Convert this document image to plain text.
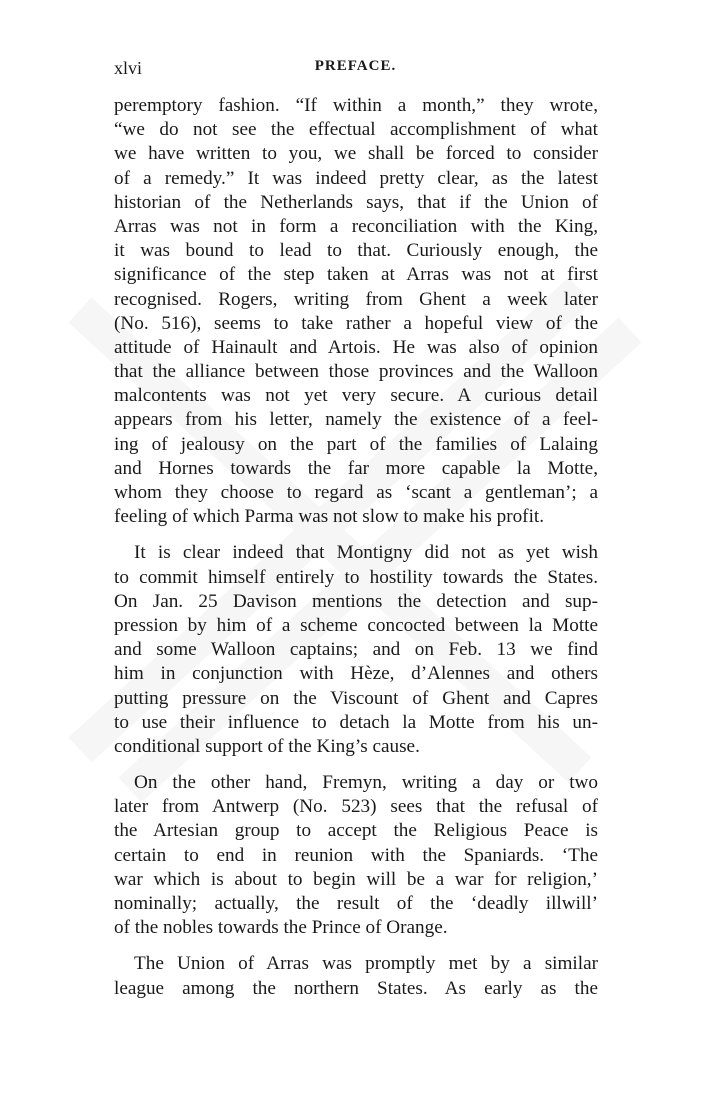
xlvi	PREFACE.
peremptory fashion. “If within a month,” they wrote,
“we do not see the effectual accomplishment of what
we have written to you, we shall be forced to consider
of a remedy.” It was indeed pretty clear, as the latest
historian of the Netherlands says, that if the Union of
Arras was not in form a reconciliation with the King,
it was bound to lead to that. Curiously enough, the
significance of the step taken at Arras was not at first
recognised. Rogers, writing from Ghent a week later
(No. 516), seems to take rather a hopeful view of the
attitude of Hainault and Artois. He was also of opinion
that the alliance between those provinces and the Walloon
malcontents was not yet very secure. A curious detail
appears from his letter, namely the existence of a feel-
ing of jealousy on the part of the families of Lalaing
and Hornes towards the far more capable la Motte,
whom they choose to regard as ‘scant a gentleman’; a
feeling of which Parma was not slow to make his profit.
It is clear indeed that Montigny did not as yet wish
to commit himself entirely to hostility towards the States.
On Jan. 25 Davison mentions the detection and sup-
pression by him of a scheme concocted between la Motte
and some Walloon captains; and on Feb. 13 we find
him in conjunction with Hèze, d’Alennes and others
putting pressure on the Viscount of Ghent and Capres
to use their influence to detach la Motte from his un-
conditional support of the King’s cause.
On the other hand, Fremyn, writing a day or two
later from Antwerp (No. 523) sees that the refusal of
the Artesian group to accept the Religious Peace is
certain to end in reunion with the Spaniards. ‘The
war which is about to begin will be a war for religion,’
nominally; actually, the result of the ‘deadly illwill’
of the nobles towards the Prince of Orange.
The Union of Arras was promptly met by a similar
league among the northern States. As early as the
